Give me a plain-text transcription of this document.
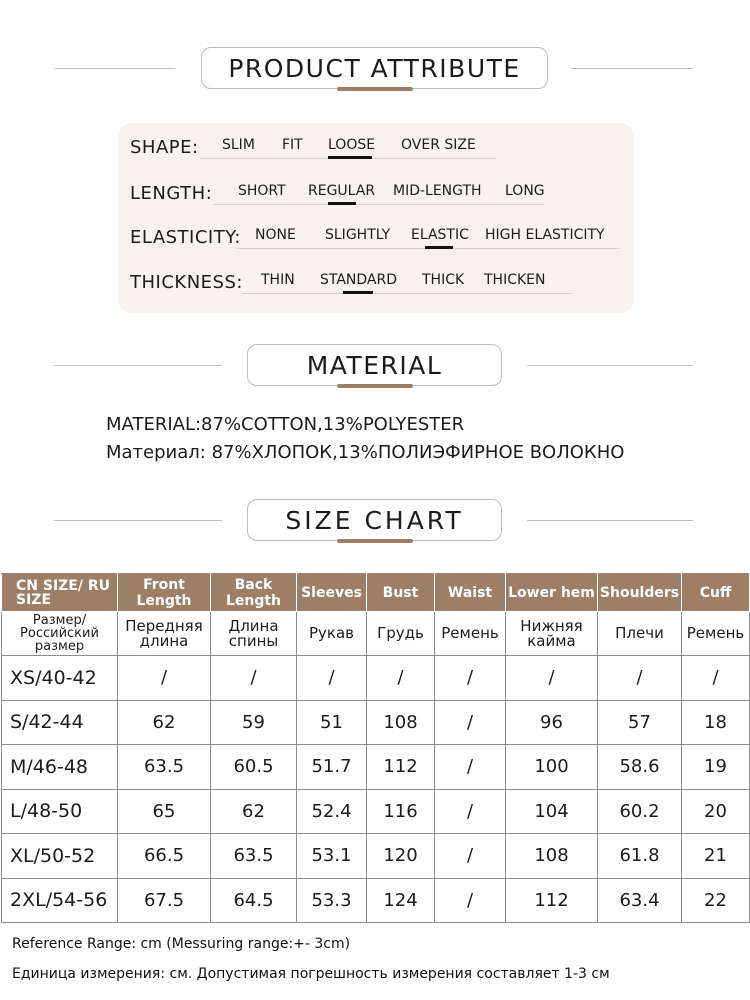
PRODUCT ATTRIBUTE
SHAPE: SLIM FIT LOOSE OVER SIZE
LENGTH: SHORT REGULAR MID-LENGTH LONG
ELASTICITY: NONE SLIGHTLY ELASTIC HIGH ELASTICITY
THICKNESS: THIN STANDARD THICK THICKEN
MATERIAL
MATERIAL:87%COTTON,13%POLYESTER
Материал: 87%ХЛОПОК,13%ПОЛИЭФИРНОЕ ВОЛОКНО
SIZE CHART
CN SIZE/ RU SIZE	Front Length	Back Length	Sleeves	Bust	Waist	Lower hem	Shoulders	Cuff
Размер/ Российский размер	Передняя длина	Длина спины	Рукав	Грудь	Ремень	Нижняя кайма	Плечи	Ремень
XS/40-42	/	/	/	/	/	/	/	/
S/42-44	62	59	51	108	/	96	57	18
M/46-48	63.5	60.5	51.7	112	/	100	58.6	19
L/48-50	65	62	52.4	116	/	104	60.2	20
XL/50-52	66.5	63.5	53.1	120	/	108	61.8	21
2XL/54-56	67.5	64.5	53.3	124	/	112	63.4	22
Reference Range: cm (Messuring range:+- 3cm)
Единица измерения: см. Допустимая погрешность измерения составляет 1-3 см
